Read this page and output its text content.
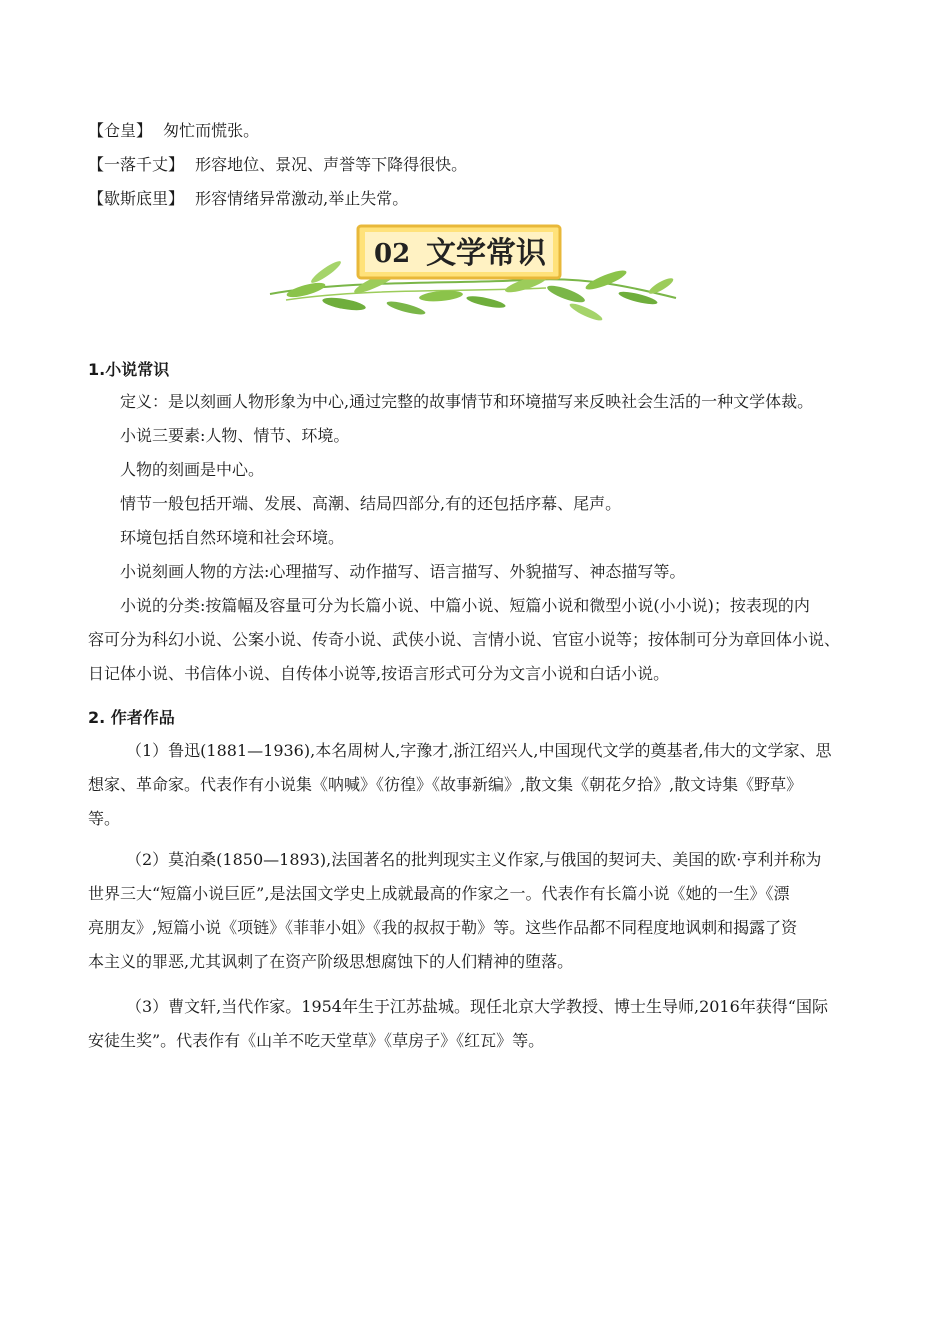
【仓皇】 匆忙而慌张。
【一落千丈】 形容地位、景况、声誉等下降得很快。
【歇斯底里】 形容情绪异常激动,举止失常。
02 文学常识
1.小说常识
定义：是以刻画人物形象为中心,通过完整的故事情节和环境描写来反映社会生活的一种文学体裁。
小说三要素:人物、情节、环境。
人物的刻画是中心。
情节一般包括开端、发展、高潮、结局四部分,有的还包括序幕、尾声。
环境包括自然环境和社会环境。
小说刻画人物的方法:心理描写、动作描写、语言描写、外貌描写、神态描写等。
小说的分类:按篇幅及容量可分为长篇小说、中篇小说、短篇小说和微型小说(小小说)；按表现的内
容可分为科幻小说、公案小说、传奇小说、武侠小说、言情小说、官宦小说等；按体制可分为章回体小说、
日记体小说、书信体小说、自传体小说等,按语言形式可分为文言小说和白话小说。
2. 作者作品
（1）鲁迅(1881—1936),本名周树人,字豫才,浙江绍兴人,中国现代文学的奠基者,伟大的文学家、思
想家、革命家。代表作有小说集《呐喊》《彷徨》《故事新编》,散文集《朝花夕拾》,散文诗集《野草》
等。
（2）莫泊桑(1850—1893),法国著名的批判现实主义作家,与俄国的契诃夫、美国的欧·亨利并称为
世界三大“短篇小说巨匠”,是法国文学史上成就最高的作家之一。代表作有长篇小说《她的一生》《漂
亮朋友》,短篇小说《项链》《菲菲小姐》《我的叔叔于勒》等。这些作品都不同程度地讽刺和揭露了资
本主义的罪恶,尤其讽刺了在资产阶级思想腐蚀下的人们精神的堕落。
（3）曹文轩,当代作家。1954年生于江苏盐城。现任北京大学教授、博士生导师,2016年获得“国际
安徒生奖”。代表作有《山羊不吃天堂草》《草房子》《红瓦》等。
